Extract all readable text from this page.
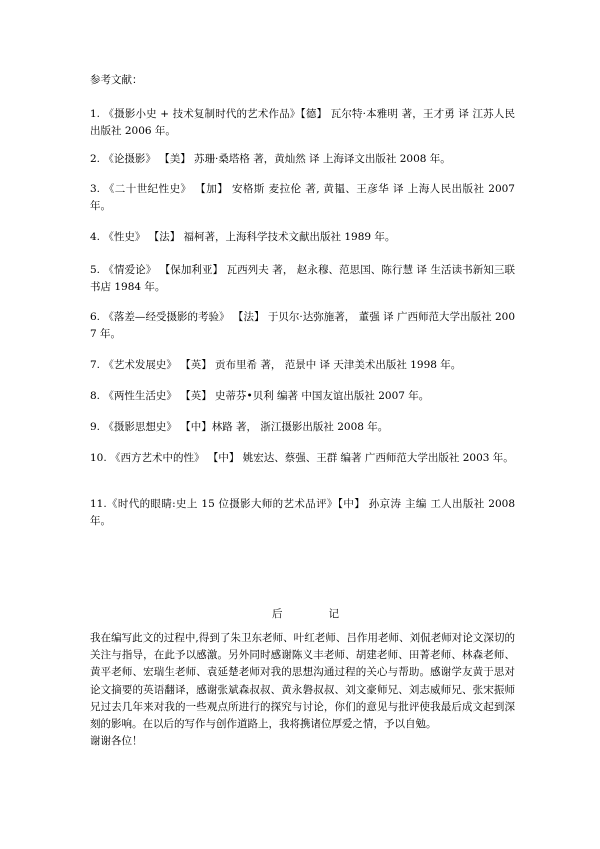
参考文献：
1. 《摄影小史 + 技术复制时代的艺术作品》【德】 瓦尔特·本雅明 著，王才勇 译 江苏人民出版社 2006 年。
2. 《论摄影》 【美】 苏珊·桑塔格 著，黄灿然 译 上海译文出版社 2008 年。
3. 《二十世纪性史》 【加】 安格斯 麦拉伦 著, 黄韫、王彦华 译 上海人民出版社 2007 年。
4. 《性史》 【法】 福柯著，上海科学技术文献出版社 1989 年。
5. 《情爱论》 【保加利亚】 瓦西列夫 著， 赵永穆、范思国、陈行慧 译 生活读书新知三联书店 1984 年。
6. 《落差—经受摄影的考验》 【法】 于贝尔·达弥施著， 董强 译 广西师范大学出版社 2007 年。
7. 《艺术发展史》 【英】 贡布里希 著， 范景中 译 天津美术出版社 1998 年。
8. 《两性生活史》 【英】 史蒂芬•贝利 编著 中国友谊出版社 2007 年。
9. 《摄影思想史》 【中】林路 著， 浙江摄影出版社 2008 年。
10. 《西方艺术中的性》 【中】 姚宏达、蔡强、王群 编著 广西师范大学出版社 2003 年。
11.《时代的眼睛:史上 15 位摄影大师的艺术品评》【中】 孙京涛 主编 工人出版社 2008 年。
后	记

我在编写此文的过程中,得到了朱卫东老师、叶红老师、吕作用老师、刘侃老师对论文深切的关注与指导，在此予以感激。另外同时感谢陈义丰老师、胡建老师、田菁老师、林森老师、黄平老师、宏瑞生老师、袁延楚老师对我的思想沟通过程的关心与帮助。感谢学友黄于思对论文摘要的英语翻译，感谢张斌森叔叔、黄永磐叔叔、刘文豪师兄、刘志威师兄、张宋振师兄过去几年来对我的一些观点所进行的探究与讨论，你们的意见与批评使我最后成文起到深刻的影响。在以后的写作与创作道路上，我将携诸位厚爱之情，予以自勉。

谢谢各位！
